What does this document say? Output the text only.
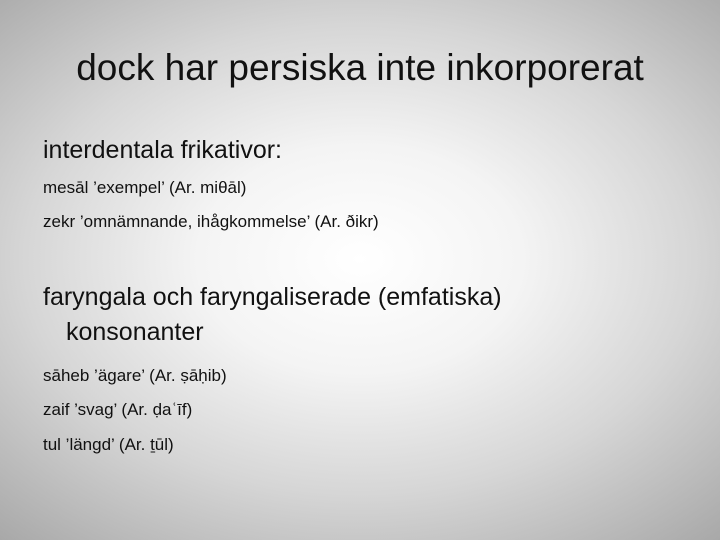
dock har persiska inte inkorporerat
interdentala frikativor:
mesāl ’exempel’ (Ar. miθāl)
zekr ’omnämnande, ihågkommelse’ (Ar. ðikr)
faryngala och faryngaliserade (emfatiska)
konsonanter
sāheb ’ägare’ (Ar. ṣāḥib)
zaif ’svag’ (Ar. ḍaʿīf)
tul ’längd’ (Ar. ṯūl)
